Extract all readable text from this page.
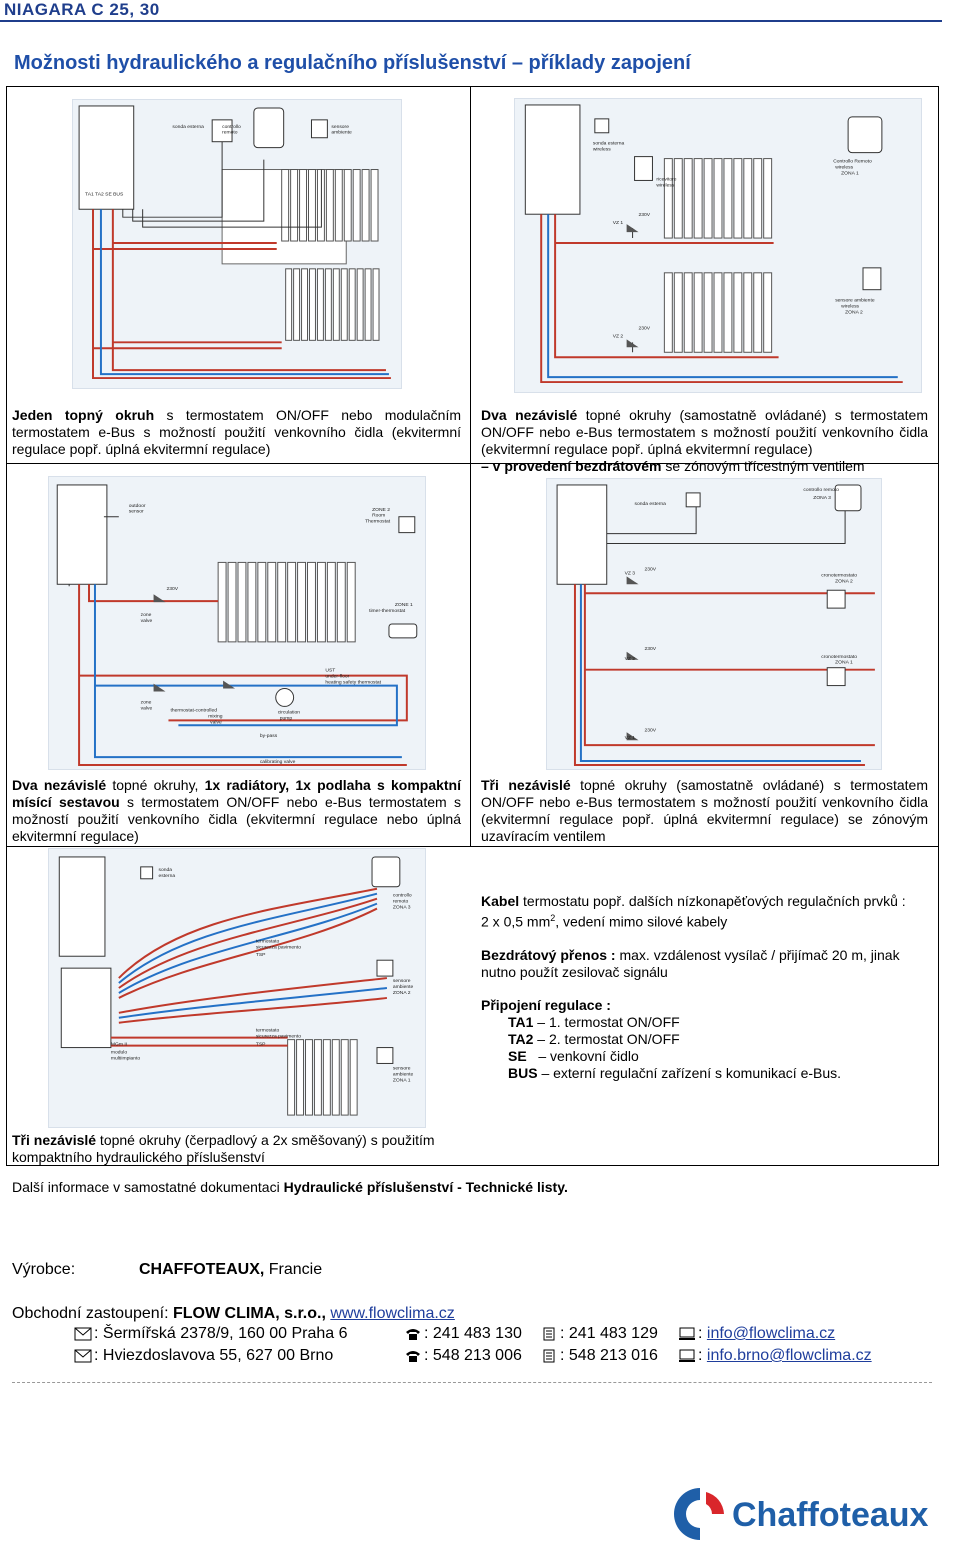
NIAGARA C 25, 30
Možnosti hydraulického a regulačního příslušenství – příklady zapojení
sonda esterna	controllo
remoto
sensore
ambiente
TA1 TA2 SE BUS
sonda esterna
wireless
ricevitore
wireless
Controllo Remoto
wireless
ZONA 1
230V
VZ 1
230V
VZ 2
sensore ambiente
wireless
ZONA 2
Jeden topný okruh s termostatem ON/OFF nebo modulačním termostatem e-Bus s možností použití venkovního čidla (ekvitermní regulace popř. úplná ekvitermní regulace)
Dva nezávislé topné okruhy (samostatně ovládané) s termostatem ON/OFF nebo e-Bus termostatem s možností použití venkovního čidla (ekvitermní regulace popř. úplná ekvitermní regulace)
– v provedení bezdrátovém se zónovým třícestným ventilem
outdoor
sensor	ZONE 2
Room
Thermostat
230V
zone
valve
ZONE 1
timer-thermostat
UST
under-floor
heating safety thermostat
thermostat-controlled
mixing
valve
circulation
pump
by-pass
calibrating valve
zone
valve
sonda esterna
controllo remoto
ZONA 3
VZ 3
230V
cronotermostato
ZONA 2
VZ 2
230V
cronotermostato
ZONA 1
VZ 1
230V
Dva nezávislé topné okruhy, 1x radiátory, 1x podlaha s kompaktní mísící sestavou s termostatem ON/OFF nebo e-Bus termostatem s možností použití venkovního čidla (ekvitermní regulace nebo úplná ekvitermní regulace)
Tři nezávislé topné okruhy (samostatně ovládané) s termostatem ON/OFF nebo e-Bus termostatem s možností použití venkovního čidla (ekvitermní regulace popř. úplná ekvitermní regulace) se zónovým uzavíracím ventilem
sonda
esterna
controllo
remoto
ZONA 3
termostato
sicurezza pavimento
TSP
sensore
ambiente
ZONA 2
termostato
sicurezza pavimento
TSP
MGm II
modulo
multiimpianto
sensore
ambiente
ZONA 1
Kabel termostatu popř. dalších nízkonapěťových regulačních prvků :
2 x 0,5 $mm^2$, vedení mimo silové kabely
Bezdrátový přenos : max. vzdálenost vysílač / přijímač 20 m, jinak nutno použít zesilovač signálu
Připojení regulace :
TA1 – 1. termostat ON/OFF
TA2 – 2. termostat ON/OFF
SE   – venkovní čidlo
BUS – externí regulační zařízení s komunikací e-Bus.
Tři nezávislé topné okruhy (čerpadlový a 2x směšovaný) s použitím kompaktního hydraulického příslušenství
Další informace v samostatné dokumentaci Hydraulické příslušenství - Technické listy.
Chaffoteaux
Výrobce:	CHAFFOTEAUX, Francie
Obchodní zastoupení: FLOW CLIMA, s.r.o., www.flowclima.cz
: Šermířská 2378/9, 160 00 Praha 6	: 241 483 130	: 241 483 129	: info@flowclima.cz
: Hviezdoslavova 55, 627 00 Brno	: 548 213 006	: 548 213 016	: info.brno@flowclima.cz
